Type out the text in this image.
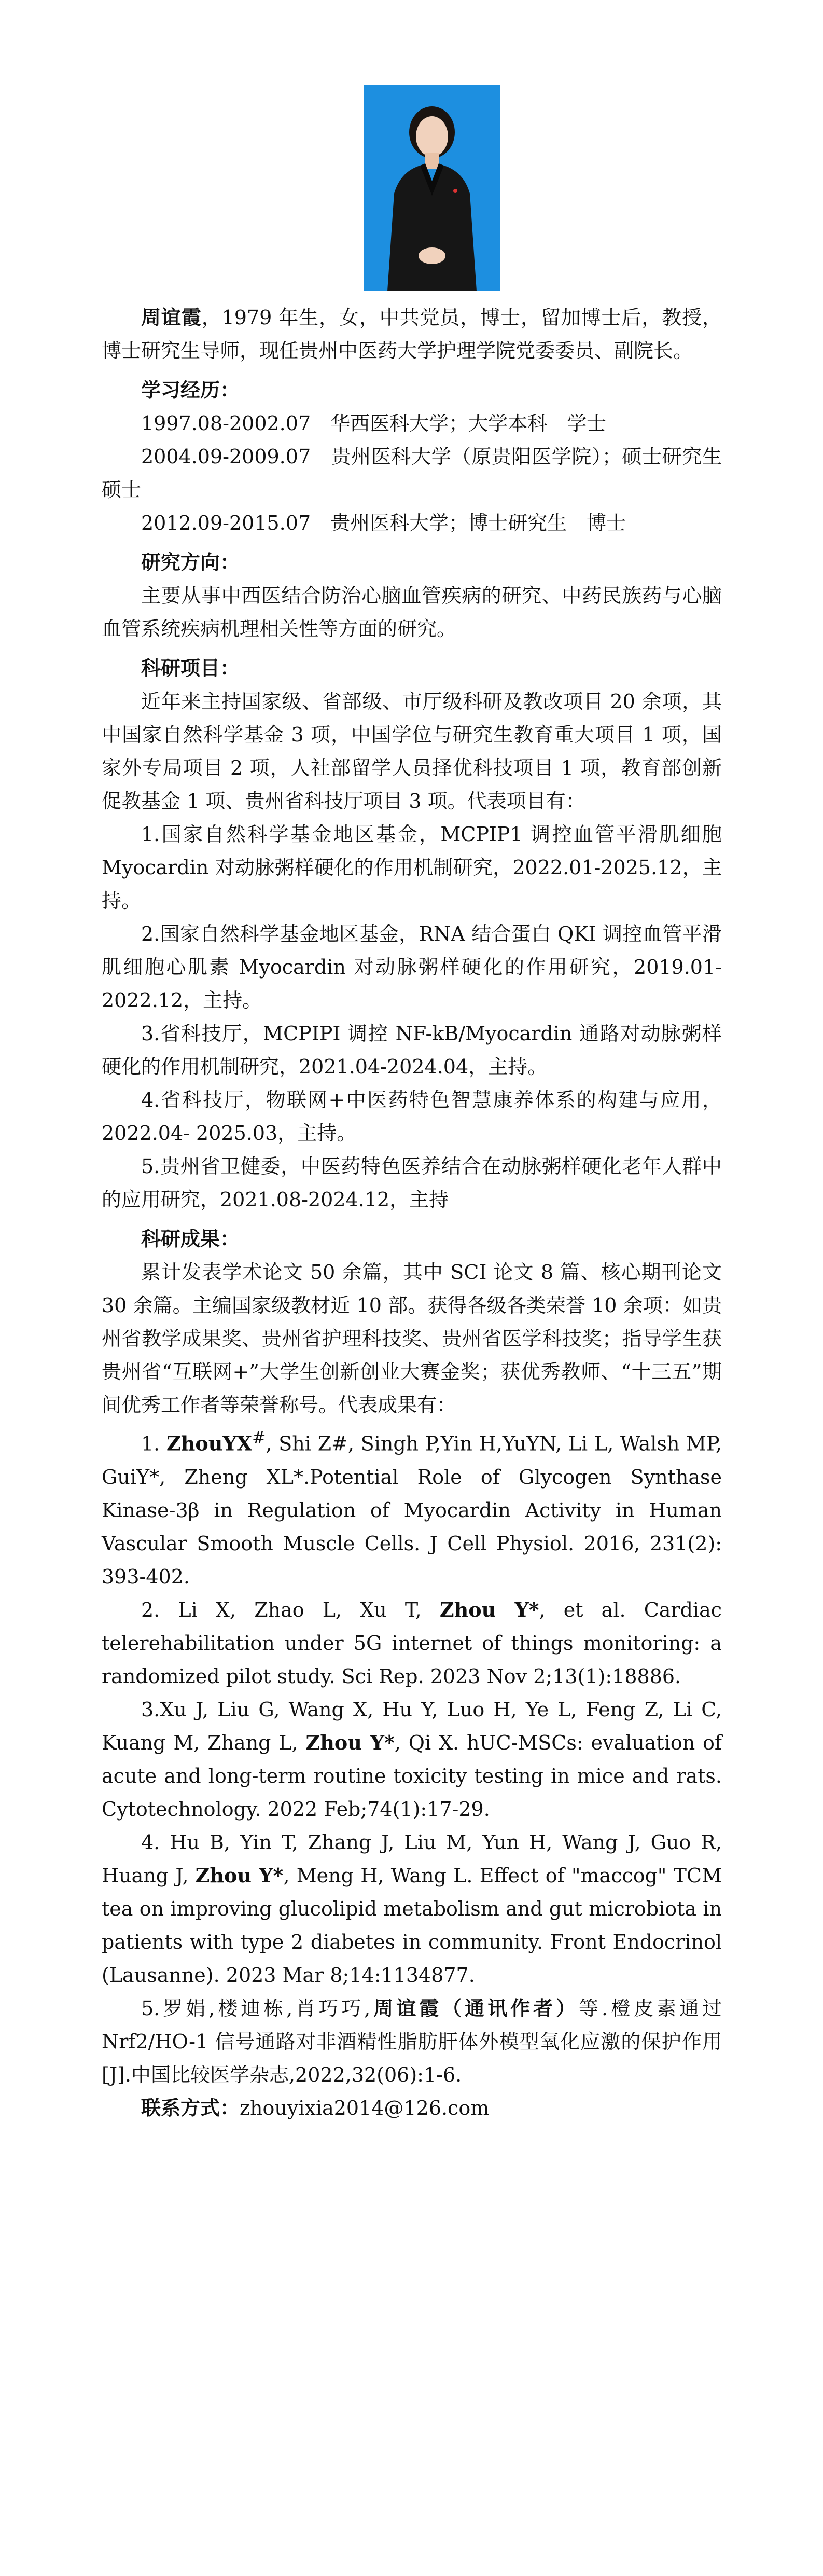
周谊霞，1979 年生，女，中共党员，博士，留加博士后，教授，博士研究生导师，现任贵州中医药大学护理学院党委委员、副院长。

学习经历：

1997.08-2002.07　华西医科大学；大学本科　学士

2004.09-2009.07　贵州医科大学（原贵阳医学院）；硕士研究生　硕士

2012.09-2015.07　贵州医科大学；博士研究生　博士

研究方向：

主要从事中西医结合防治心脑血管疾病的研究、中药民族药与心脑血管系统疾病机理相关性等方面的研究。

科研项目：

近年来主持国家级、省部级、市厅级科研及教改项目 20 余项，其中国家自然科学基金 3 项，中国学位与研究生教育重大项目 1 项，国家外专局项目 2 项，人社部留学人员择优科技项目 1 项，教育部创新促教基金 1 项、贵州省科技厅项目 3 项。代表项目有：

1.国家自然科学基金地区基金，MCPIP1 调控血管平滑肌细胞 Myocardin 对动脉粥样硬化的作用机制研究，2022.01-2025.12，主持。

2.国家自然科学基金地区基金，RNA 结合蛋白 QKI 调控血管平滑肌细胞心肌素 Myocardin 对动脉粥样硬化的作用研究，2019.01-2022.12，主持。

3.省科技厅，MCPIPI 调控 NF-kB/Myocardin 通路对动脉粥样硬化的作用机制研究，2021.04-2024.04，主持。

4.省科技厅，物联网+中医药特色智慧康养体系的构建与应用，2022.04- 2025.03，主持。

5.贵州省卫健委，中医药特色医养结合在动脉粥样硬化老年人群中的应用研究，2021.08-2024.12，主持

科研成果：

累计发表学术论文 50 余篇，其中 SCI 论文 8 篇、核心期刊论文 30 余篇。主编国家级教材近 10 部。获得各级各类荣誉 10 余项：如贵州省教学成果奖、贵州省护理科技奖、贵州省医学科技奖；指导学生获贵州省“互联网+”大学生创新创业大赛金奖；获优秀教师、“十三五”期间优秀工作者等荣誉称号。代表成果有：

1. ZhouYX#, Shi Z#, Singh P,Yin H,YuYN, Li L, Walsh MP, GuiY*, Zheng XL*.Potential Role of Glycogen Synthase Kinase-3β in Regulation of Myocardin Activity in Human Vascular Smooth Muscle Cells. J Cell Physiol. 2016, 231(2): 393-402.

2. Li X, Zhao L, Xu T, Zhou Y*, et al. Cardiac telerehabilitation under 5G internet of things monitoring: a randomized pilot study. Sci Rep. 2023 Nov 2;13(1):18886.

3.Xu J, Liu G, Wang X, Hu Y, Luo H, Ye L, Feng Z, Li C, Kuang M, Zhang L, Zhou Y*, Qi X. hUC-MSCs: evaluation of acute and long-term routine toxicity testing in mice and rats. Cytotechnology. 2022 Feb;74(1):17-29.

4. Hu B, Yin T, Zhang J, Liu M, Yun H, Wang J, Guo R, Huang J, Zhou Y*, Meng H, Wang L. Effect of "maccog" TCM tea on improving glucolipid metabolism and gut microbiota in patients with type 2 diabetes in community. Front Endocrinol (Lausanne). 2023 Mar 8;14:1134877.

5.罗娟,楼迪栋,肖巧巧,周谊霞（通讯作者）等.橙皮素通过 Nrf2/HO-1 信号通路对非酒精性脂肪肝体外模型氧化应激的保护作用[J].中国比较医学杂志,2022,32(06):1-6.

联系方式：zhouyixia2014@126.com
